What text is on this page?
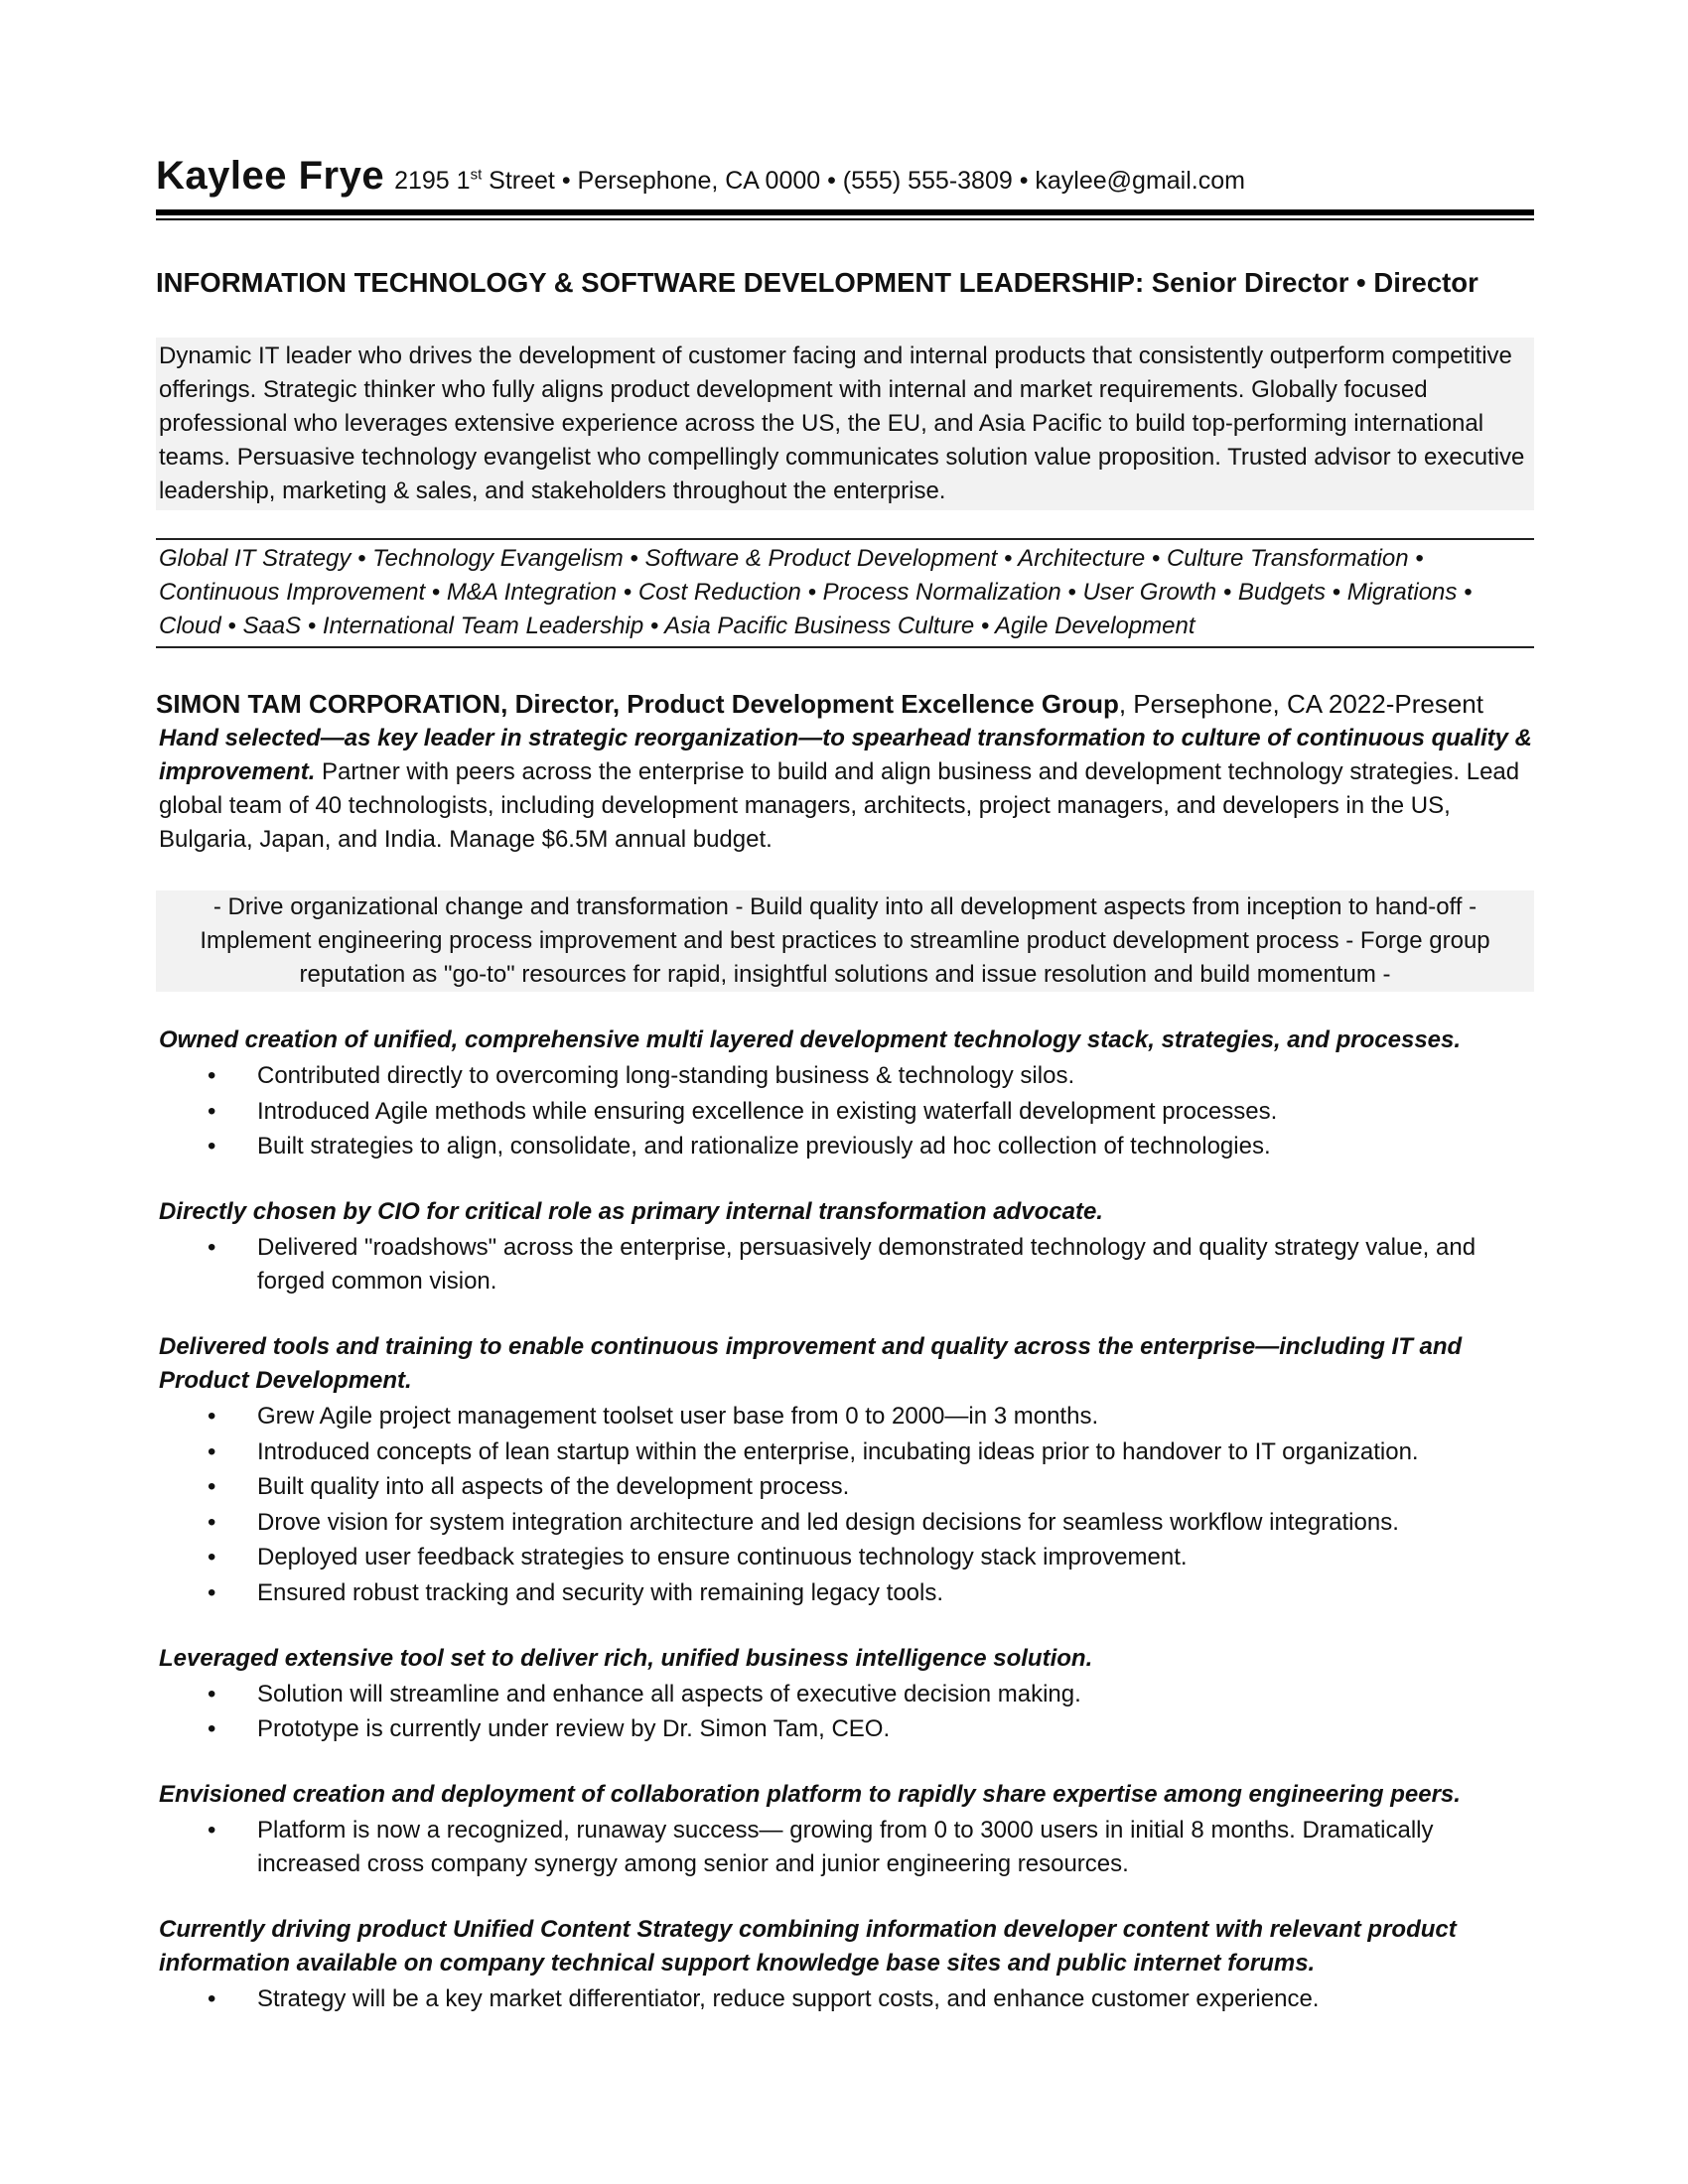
Kaylee Frye 2195 1st Street • Persephone, CA 0000 • (555) 555-3809 • kaylee@gmail.com
INFORMATION TECHNOLOGY & SOFTWARE DEVELOPMENT LEADERSHIP: Senior Director • Director
Dynamic IT leader who drives the development of customer facing and internal products that consistently outperform competitive offerings. Strategic thinker who fully aligns product development with internal and market requirements. Globally focused professional who leverages extensive experience across the US, the EU, and Asia Pacific to build top-performing international teams. Persuasive technology evangelist who compellingly communicates solution value proposition. Trusted advisor to executive leadership, marketing & sales, and stakeholders throughout the enterprise.
Global IT Strategy • Technology Evangelism • Software & Product Development • Architecture • Culture Transformation • Continuous Improvement • M&A Integration • Cost Reduction • Process Normalization • User Growth • Budgets • Migrations • Cloud • SaaS • International Team Leadership • Asia Pacific Business Culture • Agile Development
SIMON TAM CORPORATION, Director, Product Development Excellence Group, Persephone, CA 2022-Present
Hand selected—as key leader in strategic reorganization—to spearhead transformation to culture of continuous quality & improvement. Partner with peers across the enterprise to build and align business and development technology strategies. Lead global team of 40 technologists, including development managers, architects, project managers, and developers in the US, Bulgaria, Japan, and India. Manage $6.5M annual budget.
- Drive organizational change and transformation - Build quality into all development aspects from inception to hand-off - Implement engineering process improvement and best practices to streamline product development process - Forge group reputation as "go-to" resources for rapid, insightful solutions and issue resolution and build momentum -
Owned creation of unified, comprehensive multi layered development technology stack, strategies, and processes.
• Contributed directly to overcoming long-standing business & technology silos.
• Introduced Agile methods while ensuring excellence in existing waterfall development processes.
• Built strategies to align, consolidate, and rationalize previously ad hoc collection of technologies.
Directly chosen by CIO for critical role as primary internal transformation advocate.
• Delivered "roadshows" across the enterprise, persuasively demonstrated technology and quality strategy value, and forged common vision.
Delivered tools and training to enable continuous improvement and quality across the enterprise—including IT and Product Development.
• Grew Agile project management toolset user base from 0 to 2000—in 3 months.
• Introduced concepts of lean startup within the enterprise, incubating ideas prior to handover to IT organization.
• Built quality into all aspects of the development process.
• Drove vision for system integration architecture and led design decisions for seamless workflow integrations.
• Deployed user feedback strategies to ensure continuous technology stack improvement.
• Ensured robust tracking and security with remaining legacy tools.
Leveraged extensive tool set to deliver rich, unified business intelligence solution.
• Solution will streamline and enhance all aspects of executive decision making.
• Prototype is currently under review by Dr. Simon Tam, CEO.
Envisioned creation and deployment of collaboration platform to rapidly share expertise among engineering peers.
• Platform is now a recognized, runaway success— growing from 0 to 3000 users in initial 8 months. Dramatically increased cross company synergy among senior and junior engineering resources.
Currently driving product Unified Content Strategy combining information developer content with relevant product information available on company technical support knowledge base sites and public internet forums.
• Strategy will be a key market differentiator, reduce support costs, and enhance customer experience.
